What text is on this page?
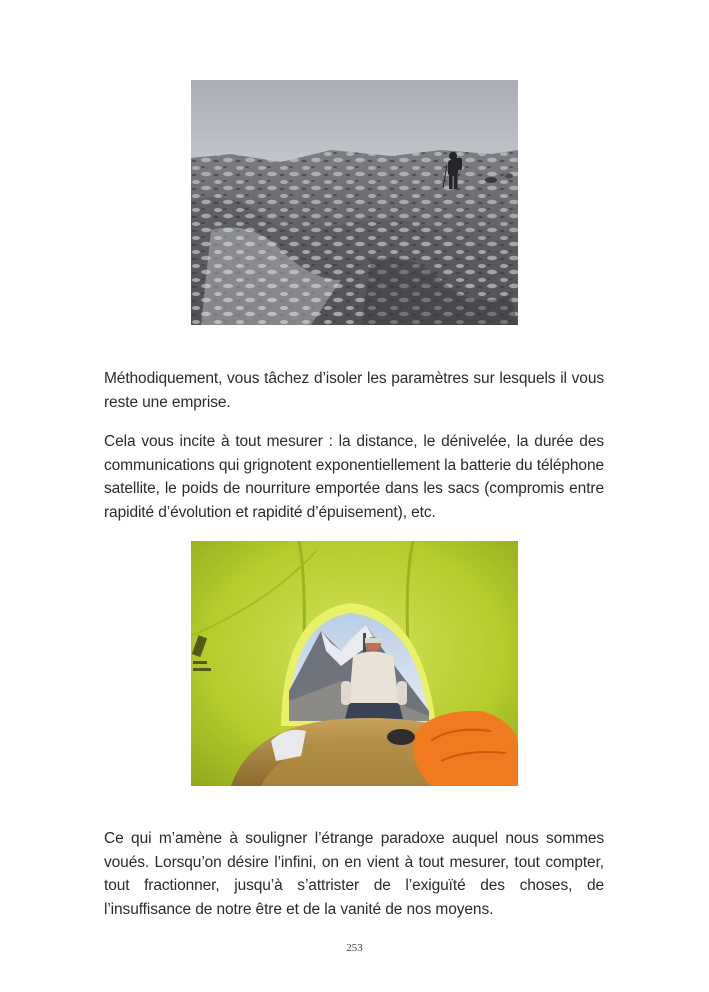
Méthodiquement, vous tâchez d’isoler les paramètres sur lesquels il vous reste une emprise.

Cela vous incite à tout mesurer : la distance, le dénivelée, la durée des communications qui grignotent exponentiellement la batterie du téléphone satellite, le poids de nourriture emportée dans les sacs (compromis entre rapidité d’évolution et rapidité d’épuisement), etc.

Ce qui m’amène à souligner l’étrange paradoxe auquel nous sommes voués. Lorsqu’on désire l’infini, on en vient à tout mesurer, tout compter, tout fractionner, jusqu’à s’attrister de l’exiguïté des choses, de l’insuffisance de notre être et de la vanité de nos moyens.

253
